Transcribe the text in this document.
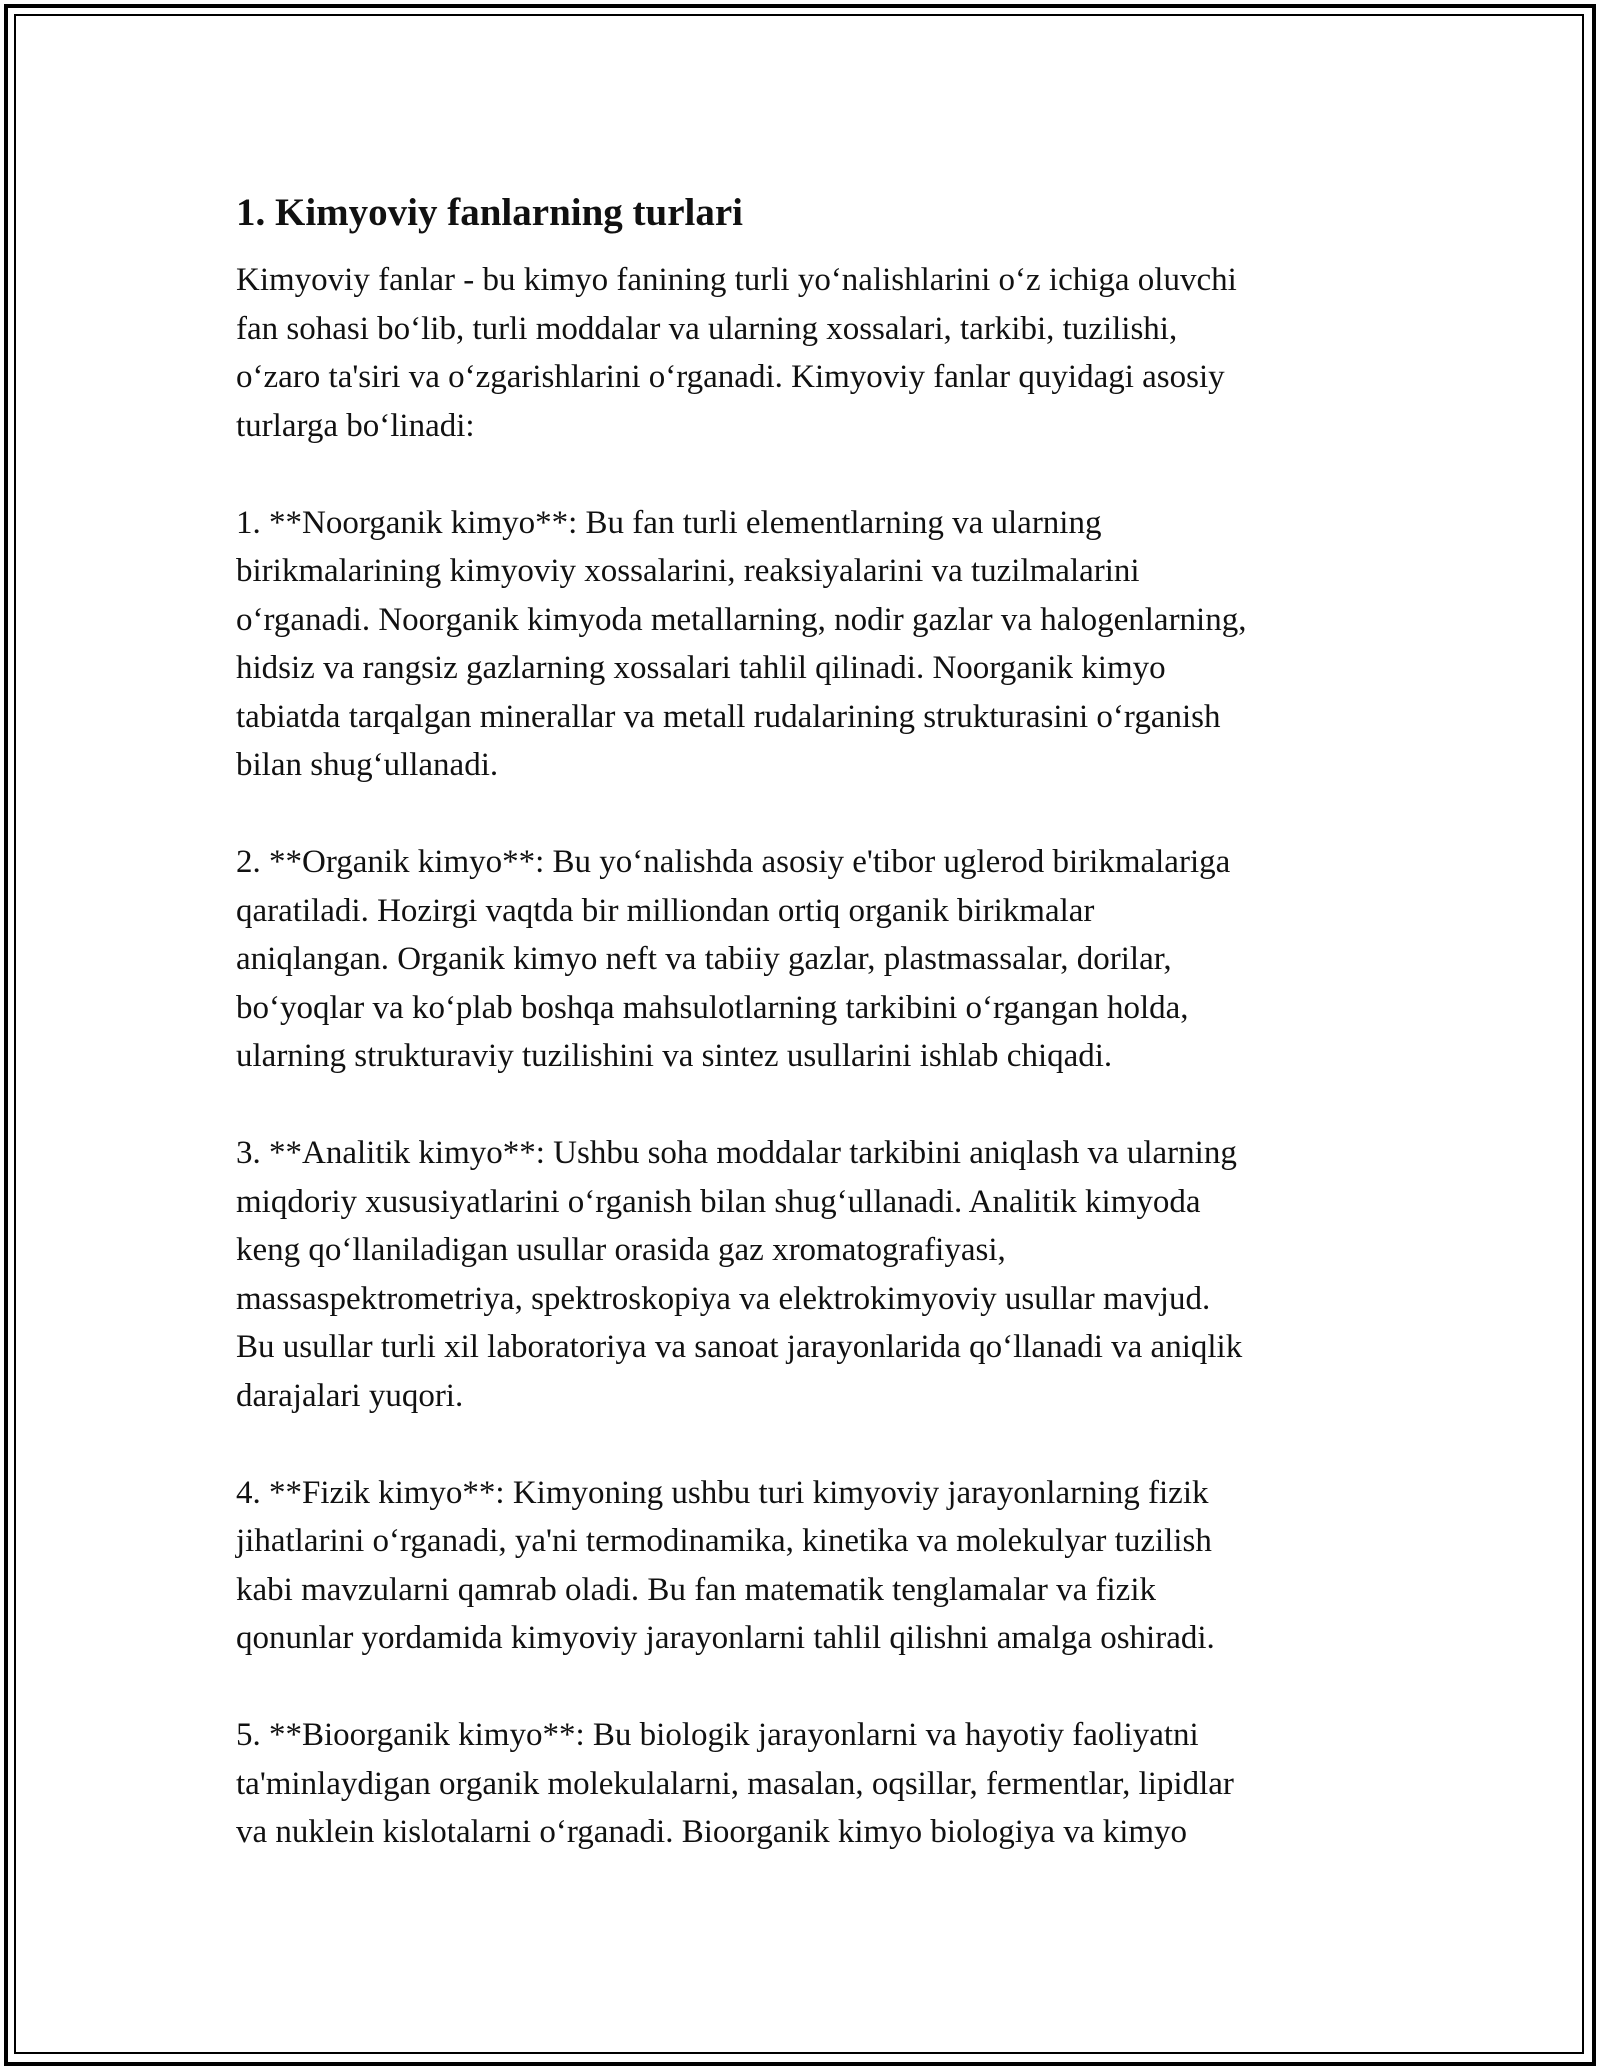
1. Kimyoviy fanlarning turlari
Kimyoviy fanlar - bu kimyo fanining turli yo‘nalishlarini o‘z ichiga oluvchi
fan sohasi bo‘lib, turli moddalar va ularning xossalari, tarkibi, tuzilishi,
o‘zaro ta'siri va o‘zgarishlarini o‘rganadi. Kimyoviy fanlar quyidagi asosiy
turlarga bo‘linadi:
1. **Noorganik kimyo**: Bu fan turli elementlarning va ularning
birikmalarining kimyoviy xossalarini, reaksiyalarini va tuzilmalarini
o‘rganadi. Noorganik kimyoda metallarning, nodir gazlar va halogenlarning,
hidsiz va rangsiz gazlarning xossalari tahlil qilinadi. Noorganik kimyo
tabiatda tarqalgan minerallar va metall rudalarining strukturasini o‘rganish
bilan shug‘ullanadi.
2. **Organik kimyo**: Bu yo‘nalishda asosiy e'tibor uglerod birikmalariga
qaratiladi. Hozirgi vaqtda bir milliondan ortiq organik birikmalar
aniqlangan. Organik kimyo neft va tabiiy gazlar, plastmassalar, dorilar,
bo‘yoqlar va ko‘plab boshqa mahsulotlarning tarkibini o‘rgangan holda,
ularning strukturaviy tuzilishini va sintez usullarini ishlab chiqadi.
3. **Analitik kimyo**: Ushbu soha moddalar tarkibini aniqlash va ularning
miqdoriy xususiyatlarini o‘rganish bilan shug‘ullanadi. Analitik kimyoda
keng qo‘llaniladigan usullar orasida gaz xromatografiyasi,
massaspektrometriya, spektroskopiya va elektrokimyoviy usullar mavjud.
Bu usullar turli xil laboratoriya va sanoat jarayonlarida qo‘llanadi va aniqlik
darajalari yuqori.
4. **Fizik kimyo**: Kimyoning ushbu turi kimyoviy jarayonlarning fizik
jihatlarini o‘rganadi, ya'ni termodinamika, kinetika va molekulyar tuzilish
kabi mavzularni qamrab oladi. Bu fan matematik tenglamalar va fizik
qonunlar yordamida kimyoviy jarayonlarni tahlil qilishni amalga oshiradi.
5. **Bioorganik kimyo**: Bu biologik jarayonlarni va hayotiy faoliyatni
ta'minlaydigan organik molekulalarni, masalan, oqsillar, fermentlar, lipidlar
va nuklein kislotalarni o‘rganadi. Bioorganik kimyo biologiya va kimyo
